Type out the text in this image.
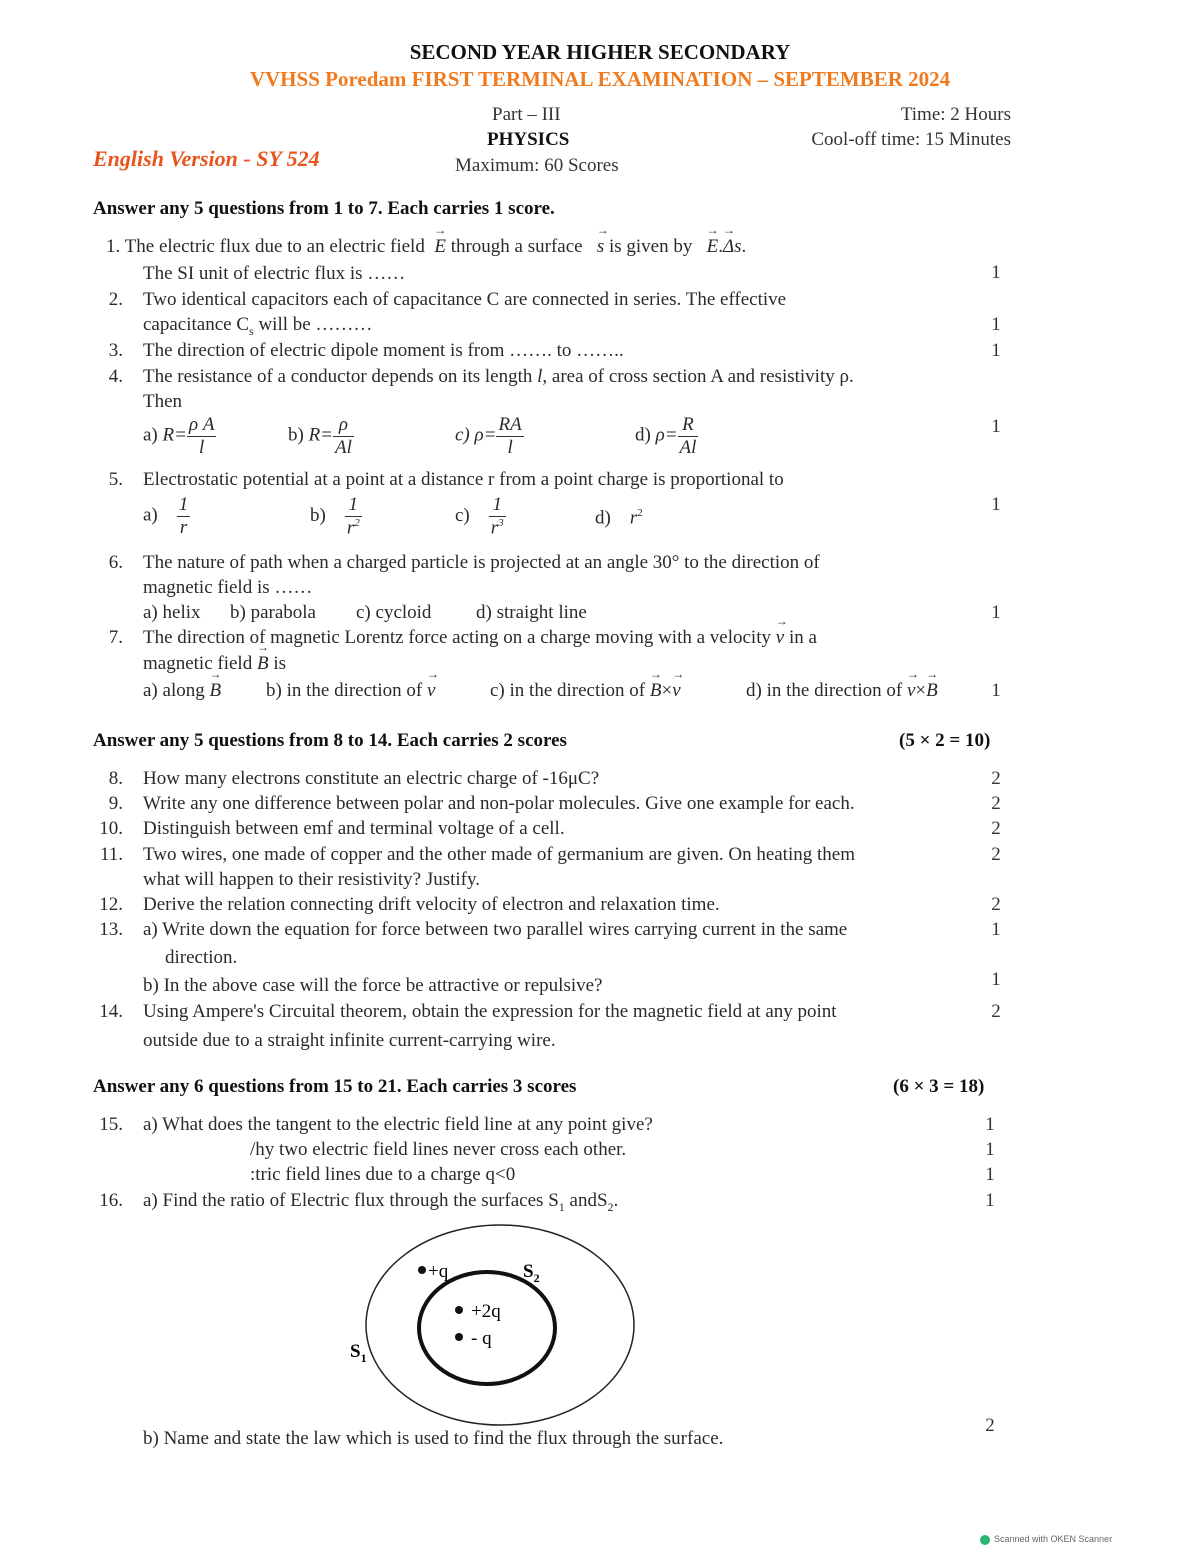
SECOND YEAR HIGHER SECONDARY
VVHSS Poredam FIRST TERMINAL EXAMINATION – SEPTEMBER 2024
Part – III
PHYSICS
Maximum: 60 Scores
Time: 2 Hours
Cool-off time: 15 Minutes
English Version - SY 524
Answer any 5 questions from 1 to 7. Each carries 1 score.
1. The electric flux due to an electric field → E through a surface → s is given by → E.→ Δs.
The SI unit of electric flux is ……	1
2. Two identical capacitors each of capacitance C are connected in series. The effective
capacitance $C_s$ will be ………	1
3. The direction of electric dipole moment is from ……. to ……..	1
4. The resistance of a conductor depends on its length l, area of cross section A and resistivity ρ.
Then
a) $R= \frac{\text{ρ A}}{l}$	b) $R= \frac{\rho}{Al}$	c) $\rho= \frac{RA}{l}$	d) $\rho= \frac{R}{Al}$	1
5. Electrostatic potential at a point at a distance r from a point charge is proportional to
$a) \frac{1}{r}$	$b) \frac{1}{r^2}$	$c) \frac{1}{r^3}$	d) $r^2$	1
6. The nature of path when a charged particle is projected at an angle 30° to the direction of
magnetic field is ……
a) helix b) parabola c) cycloid d) straight line	1
7. The direction of magnetic Lorentz force acting on a charge moving with a velocity → v in a
magnetic field → B is
a) along → B b) in the direction of → v	c) in the direction of → B×→ v	d) in the direction of → v×→ B	1
Answer any 5 questions from 8 to 14. Each carries 2 scores	(5 × 2 = 10)
8. How many electrons constitute an electric charge of -16μC?	2
9. Write any one difference between polar and non-polar molecules. Give one example for each.	2
10. Distinguish between emf and terminal voltage of a cell.	2
11. Two wires, one made of copper and the other made of germanium are given. On heating them
what will happen to their resistivity? Justify.
2
12. Derive the relation connecting drift velocity of electron and relaxation time.	2
13. a) Write down the equation for force between two parallel wires carrying current in the same
direction.
b) In the above case will the force be attractive or repulsive?
1
1
14. Using Ampere's Circuital theorem, obtain the expression for the magnetic field at any point
outside due to a straight infinite current-carrying wire.
2
Answer any 6 questions from 15 to 21. Each carries 3 scores	(6 × 3 = 18)
15. a) What does the tangent to the electric field line at any point give?
/hy two electric field lines never cross each other.
:tric field lines due to a charge q<0
1
1
1
16. a) Find the ratio of Electric flux through the surfaces $S_1$ andS$_2$.	1
+q
+2q
- q
$S_2$
$S_1$
b) Name and state the law which is used to find the flux through the surface.
2
Scanned with OKEN Scanner
